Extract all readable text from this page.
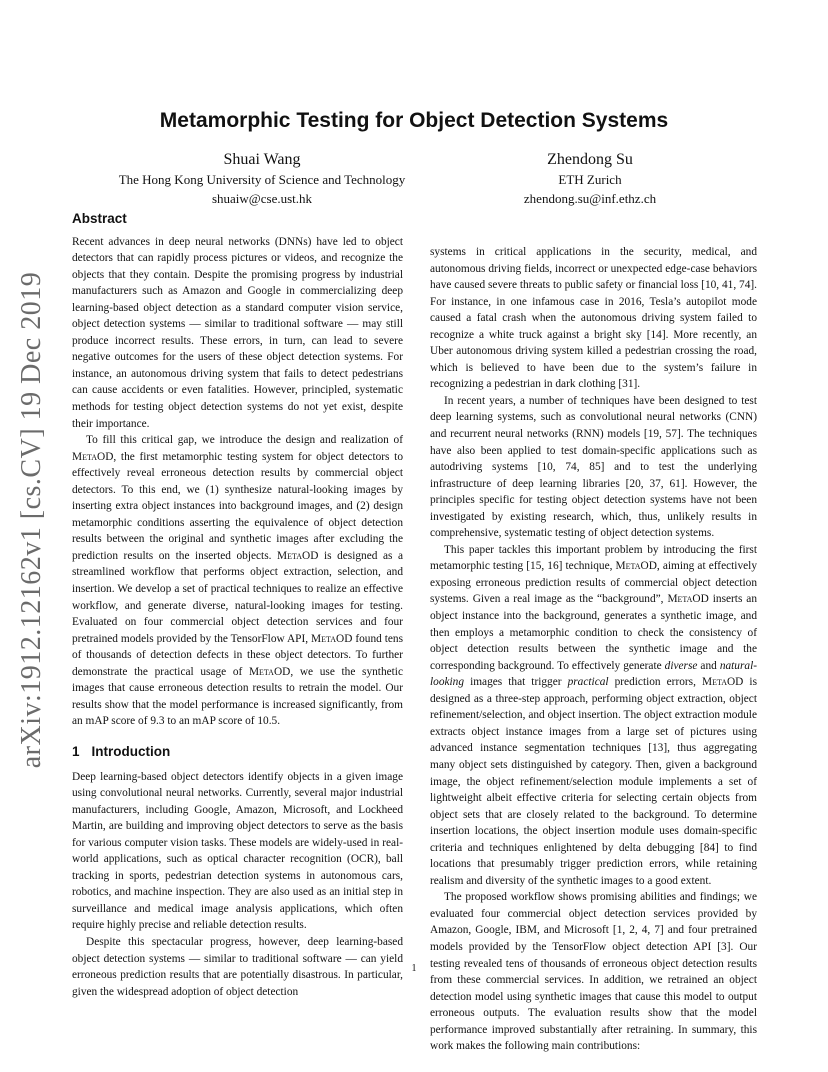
arXiv:1912.12162v1 [cs.CV] 19 Dec 2019
Metamorphic Testing for Object Detection Systems
Shuai Wang
The Hong Kong University of Science and Technology
shuaiw@cse.ust.hk
Zhendong Su
ETH Zurich
zhendong.su@inf.ethz.ch
Abstract

Recent advances in deep neural networks (DNNs) have led to object detectors that can rapidly process pictures or videos, and recognize the objects that they contain. Despite the promising progress by industrial manufacturers such as Amazon and Google in commercializing deep learning-based object detection as a standard computer vision service, object detection systems — similar to traditional software — may still produce incorrect results. These errors, in turn, can lead to severe negative outcomes for the users of these object detection systems. For instance, an autonomous driving system that fails to detect pedestrians can cause accidents or even fatalities. However, principled, systematic methods for testing object detection systems do not yet exist, despite their importance.

To fill this critical gap, we introduce the design and realization of MetaOD, the first metamorphic testing system for object detectors to effectively reveal erroneous detection results by commercial object detectors. To this end, we (1) synthesize natural-looking images by inserting extra object instances into background images, and (2) design metamorphic conditions asserting the equivalence of object detection results between the original and synthetic images after excluding the prediction results on the inserted objects. MetaOD is designed as a streamlined workflow that performs object extraction, selection, and insertion. We develop a set of practical techniques to realize an effective workflow, and generate diverse, natural-looking images for testing. Evaluated on four commercial object detection services and four pretrained models provided by the TensorFlow API, MetaOD found tens of thousands of detection defects in these object detectors. To further demonstrate the practical usage of MetaOD, we use the synthetic images that cause erroneous detection results to retrain the model. Our results show that the model performance is increased significantly, from an mAP score of 9.3 to an mAP score of 10.5.

1 Introduction

Deep learning-based object detectors identify objects in a given image using convolutional neural networks. Currently, several major industrial manufacturers, including Google, Amazon, Microsoft, and Lockheed Martin, are building and improving object detectors to serve as the basis for various computer vision tasks. These models are widely-used in real-world applications, such as optical character recognition (OCR), ball tracking in sports, pedestrian detection systems in autonomous cars, robotics, and machine inspection. They are also used as an initial step in surveillance and medical image analysis applications, which often require highly precise and reliable detection results.

Despite this spectacular progress, however, deep learning-based object detection systems — similar to traditional software — can yield erroneous prediction results that are potentially disastrous. In particular, given the widespread adoption of object detection

systems in critical applications in the security, medical, and autonomous driving fields, incorrect or unexpected edge-case behaviors have caused severe threats to public safety or financial loss [10, 41, 74]. For instance, in one infamous case in 2016, Tesla’s autopilot mode caused a fatal crash when the autonomous driving system failed to recognize a white truck against a bright sky [14]. More recently, an Uber autonomous driving system killed a pedestrian crossing the road, which is believed to have been due to the system’s failure in recognizing a pedestrian in dark clothing [31].

In recent years, a number of techniques have been designed to test deep learning systems, such as convolutional neural networks (CNN) and recurrent neural networks (RNN) models [19, 57]. The techniques have also been applied to test domain-specific applications such as autodriving systems [10, 74, 85] and to test the underlying infrastructure of deep learning libraries [20, 37, 61]. However, the principles specific for testing object detection systems have not been investigated by existing research, which, thus, unlikely results in comprehensive, systematic testing of object detection systems.

This paper tackles this important problem by introducing the first metamorphic testing [15, 16] technique, MetaOD, aiming at effectively exposing erroneous prediction results of commercial object detection systems. Given a real image as the “background”, MetaOD inserts an object instance into the background, generates a synthetic image, and then employs a metamorphic condition to check the consistency of object detection results between the synthetic image and the corresponding background. To effectively generate diverse and natural-looking images that trigger practical prediction errors, MetaOD is designed as a three-step approach, performing object extraction, object refinement/selection, and object insertion. The object extraction module extracts object instance images from a large set of pictures using advanced instance segmentation techniques [13], thus aggregating many object sets distinguished by category. Then, given a background image, the object refinement/selection module implements a set of lightweight albeit effective criteria for selecting certain objects from object sets that are closely related to the background. To determine insertion locations, the object insertion module uses domain-specific criteria and techniques enlightened by delta debugging [84] to find locations that presumably trigger prediction errors, while retaining realism and diversity of the synthetic images to a good extent.

The proposed workflow shows promising abilities and findings; we evaluated four commercial object detection services provided by Amazon, Google, IBM, and Microsoft [1, 2, 4, 7] and four pretrained models provided by the TensorFlow object detection API [3]. Our testing revealed tens of thousands of erroneous object detection results from these commercial services. In addition, we retrained an object detection model using synthetic images that cause this model to output erroneous outputs. The evaluation results show that the model performance improved substantially after retraining. In summary, this work makes the following main contributions:

1
